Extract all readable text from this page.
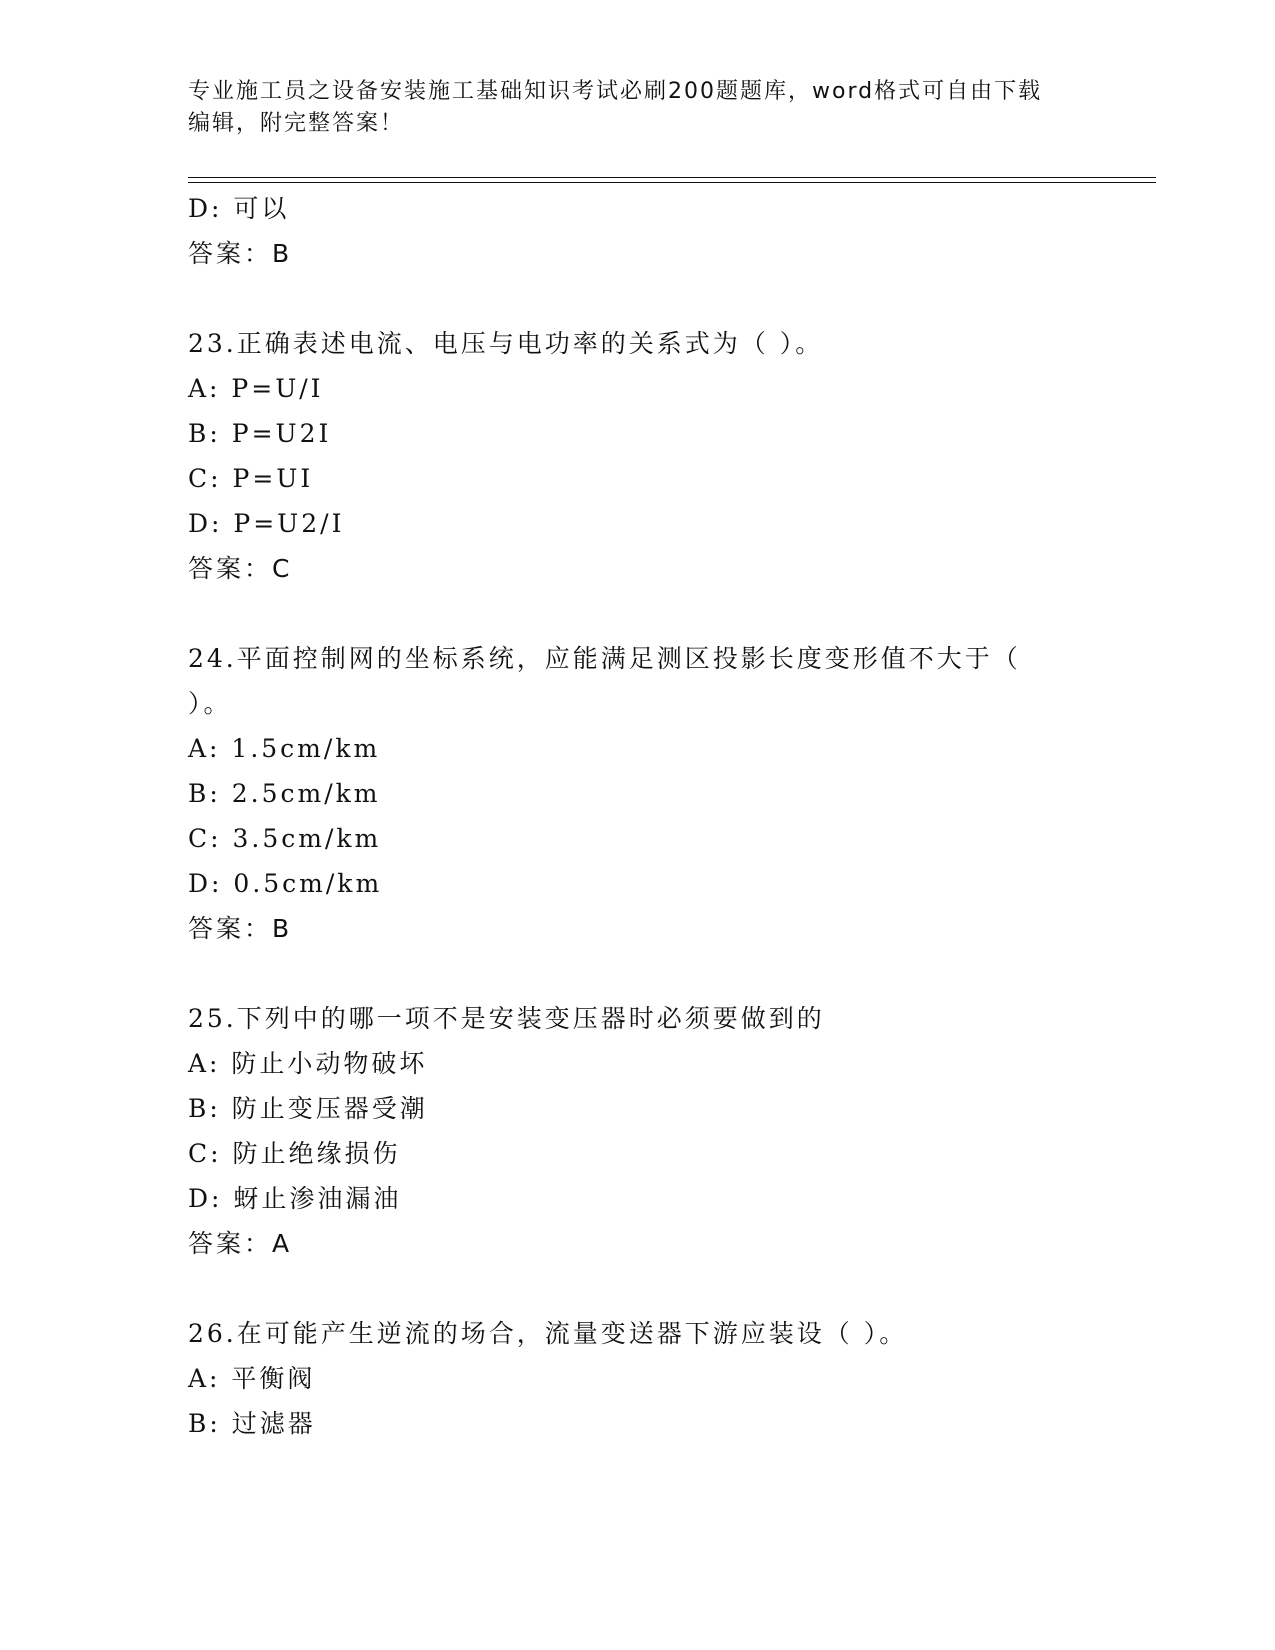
专业施工员之设备安装施工基础知识考试必刷200题题库，word格式可自由下载
编辑，附完整答案！
D: 可以
答案：B
23.正确表述电流、电压与电功率的关系式为（ ）。
A: P=U/I
B: P=U2I
C: P=UI
D: P=U2/I
答案：C
24.平面控制网的坐标系统，应能满足测区投影长度变形值不大于（
）。
A: 1.5cm/km
B: 2.5cm/km
C: 3.5cm/km
D: 0.5cm/km
答案：B
25.下列中的哪一项不是安装变压器时必须要做到的
A: 防止小动物破坏
B: 防止变压器受潮
C: 防止绝缘损伤
D: 蚜止渗油漏油
答案：A
26.在可能产生逆流的场合，流量变送器下游应装设（ ）。
A: 平衡阀
B: 过滤器
